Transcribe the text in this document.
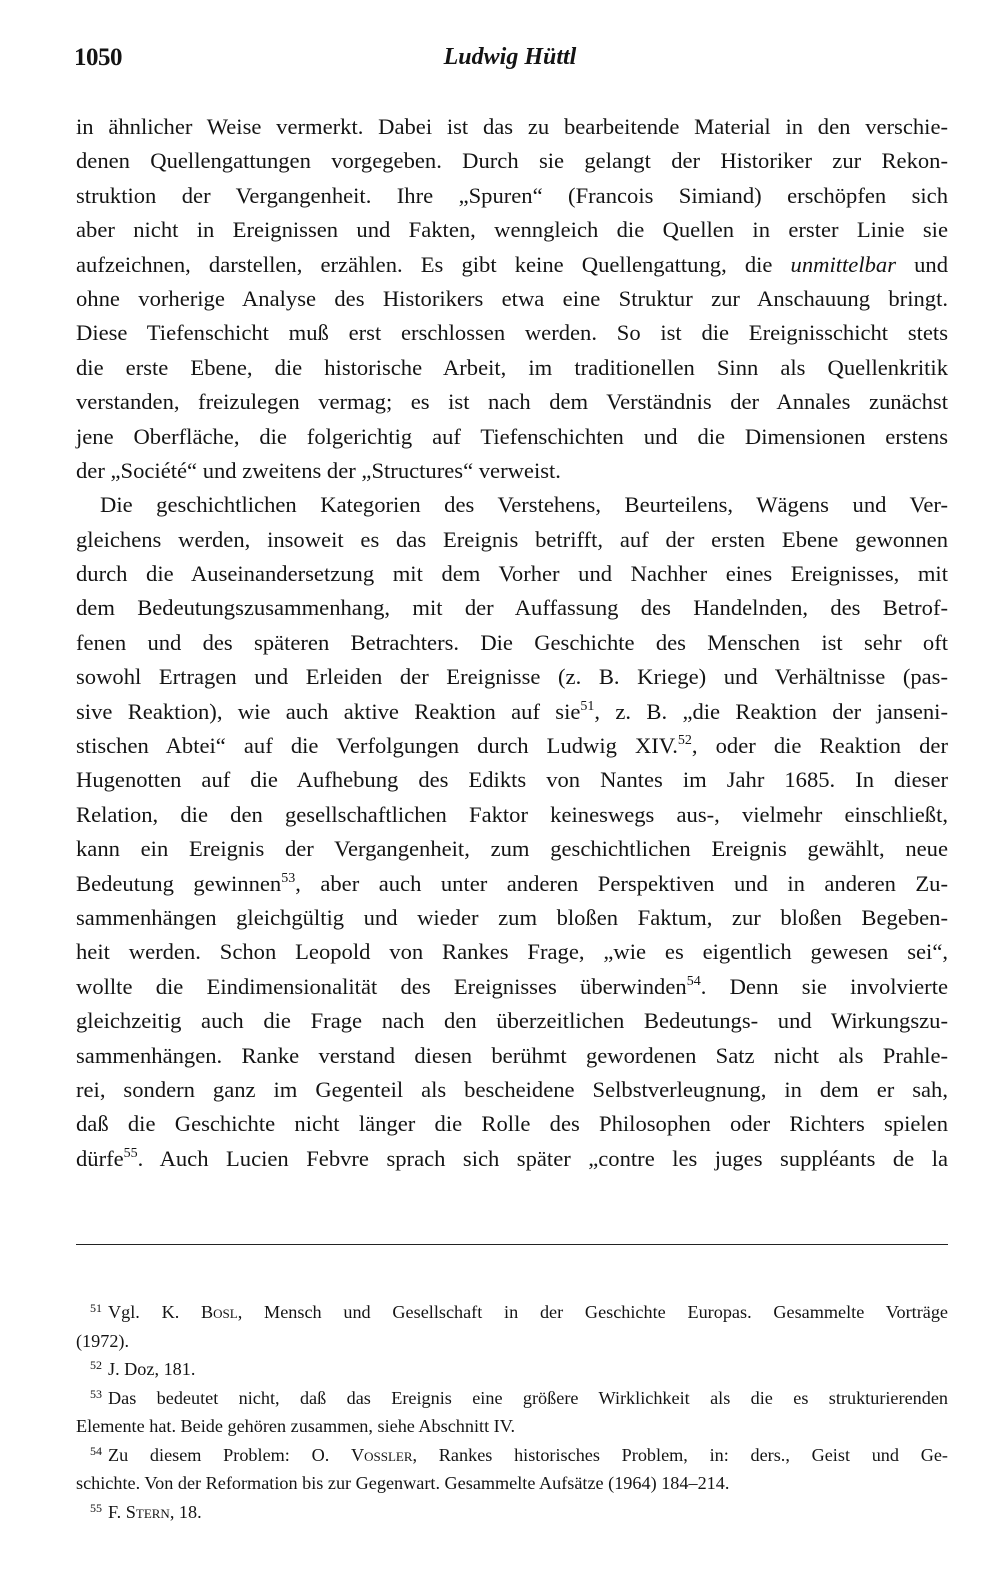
1050	Ludwig Hüttl
in ähnlicher Weise vermerkt. Dabei ist das zu bearbeitende Material in den verschie-
denen Quellengattungen vorgegeben. Durch sie gelangt der Historiker zur Rekon-
struktion der Vergangenheit. Ihre „Spuren“ (Francois Simiand) erschöpfen sich
aber nicht in Ereignissen und Fakten, wenngleich die Quellen in erster Linie sie
aufzeichnen, darstellen, erzählen. Es gibt keine Quellengattung, die unmittelbar und
ohne vorherige Analyse des Historikers etwa eine Struktur zur Anschauung bringt.
Diese Tiefenschicht muß erst erschlossen werden. So ist die Ereignisschicht stets
die erste Ebene, die historische Arbeit, im traditionellen Sinn als Quellenkritik
verstanden, freizulegen vermag; es ist nach dem Verständnis der Annales zunächst
jene Oberfläche, die folgerichtig auf Tiefenschichten und die Dimensionen erstens
der „Société“ und zweitens der „Structures“ verweist.
Die geschichtlichen Kategorien des Verstehens, Beurteilens, Wägens und Ver-
gleichens werden, insoweit es das Ereignis betrifft, auf der ersten Ebene gewonnen
durch die Auseinandersetzung mit dem Vorher und Nachher eines Ereignisses, mit
dem Bedeutungszusammenhang, mit der Auffassung des Handelnden, des Betrof-
fenen und des späteren Betrachters. Die Geschichte des Menschen ist sehr oft
sowohl Ertragen und Erleiden der Ereignisse (z. B. Kriege) und Verhältnisse (pas-
sive Reaktion), wie auch aktive Reaktion auf sie$^{51}$, z. B. „die Reaktion der janseni-
stischen Abtei“ auf die Verfolgungen durch Ludwig XIV.$^{52}$, oder die Reaktion der
Hugenotten auf die Aufhebung des Edikts von Nantes im Jahr 1685. In dieser
Relation, die den gesellschaftlichen Faktor keineswegs aus-, vielmehr einschließt,
kann ein Ereignis der Vergangenheit, zum geschichtlichen Ereignis gewählt, neue
Bedeutung gewinnen$^{53}$, aber auch unter anderen Perspektiven und in anderen Zu-
sammenhängen gleichgültig und wieder zum bloßen Faktum, zur bloßen Begeben-
heit werden. Schon Leopold von Rankes Frage, „wie es eigentlich gewesen sei“,
wollte die Eindimensionalität des Ereignisses überwinden$^{54}$. Denn sie involvierte
gleichzeitig auch die Frage nach den überzeitlichen Bedeutungs- und Wirkungszu-
sammenhängen. Ranke verstand diesen berühmt gewordenen Satz nicht als Prahle-
rei, sondern ganz im Gegenteil als bescheidene Selbstverleugnung, in dem er sah,
daß die Geschichte nicht länger die Rolle des Philosophen oder Richters spielen
dürfe$^{55}$. Auch Lucien Febvre sprach sich später „contre les juges suppléants de la
$^{51}$ Vgl. K. Bosl, Mensch und Gesellschaft in der Geschichte Europas. Gesammelte Vorträge
(1972).
$^{52}$ J. Doz, 181.
$^{53}$ Das bedeutet nicht, daß das Ereignis eine größere Wirklichkeit als die es strukturierenden
Elemente hat. Beide gehören zusammen, siehe Abschnitt IV.
$^{54}$ Zu diesem Problem: O. Vossler, Rankes historisches Problem, in: ders., Geist und Ge-
schichte. Von der Reformation bis zur Gegenwart. Gesammelte Aufsätze (1964) 184–214.
$^{55}$ F. Stern, 18.
